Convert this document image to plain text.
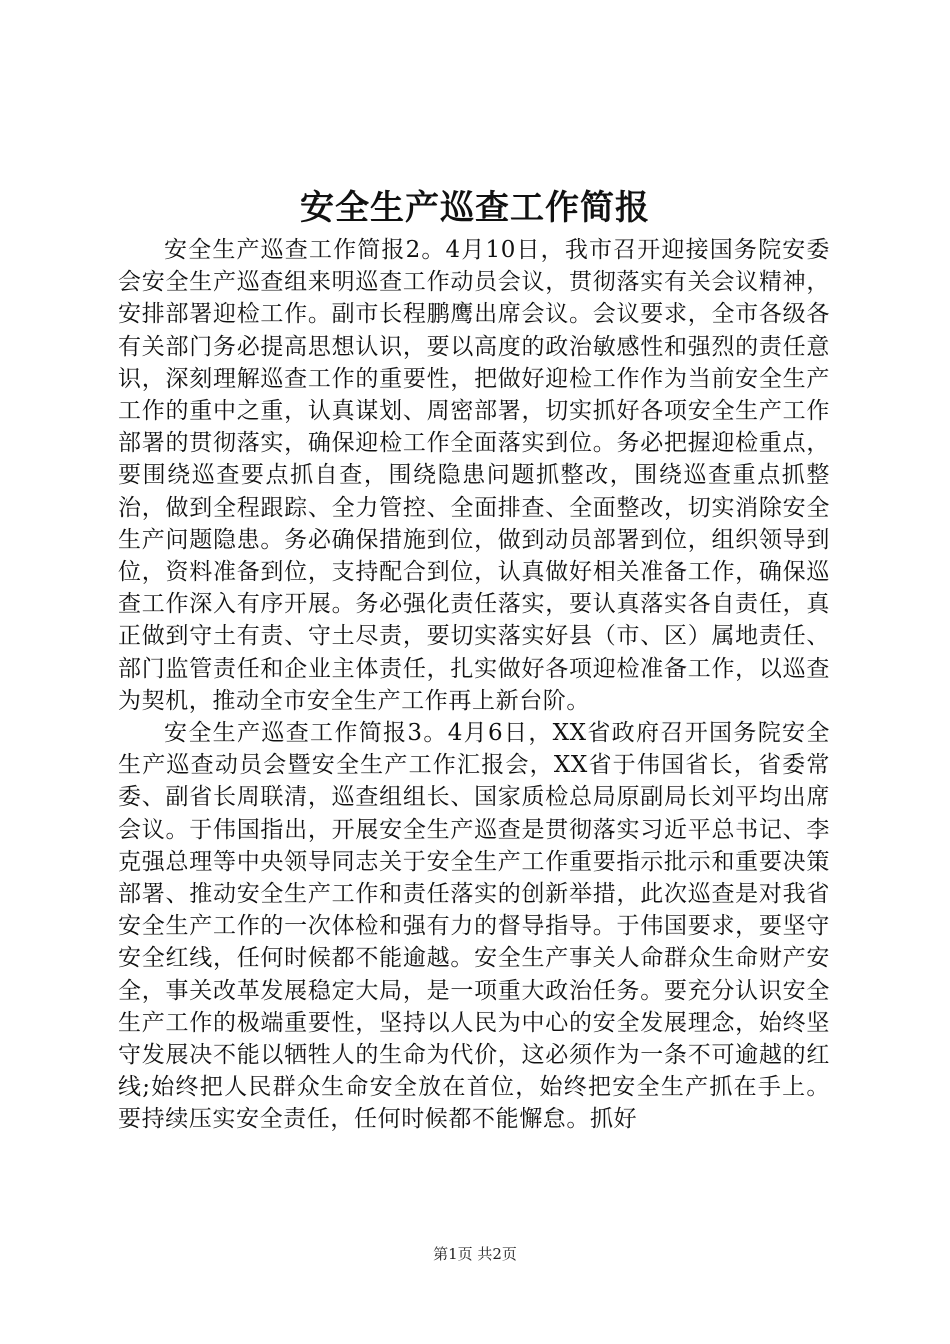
安全生产巡查工作简报

安全生产巡查工作简报2。4月10日，我市召开迎接国务院安委会安全生产巡查组来明巡查工作动员会议，贯彻落实有关会议精神，安排部署迎检工作。副市长程鹏鹰出席会议。会议要求，全市各级各有关部门务必提高思想认识，要以高度的政治敏感性和强烈的责任意识，深刻理解巡查工作的重要性，把做好迎检工作作为当前安全生产工作的重中之重，认真谋划、周密部署，切实抓好各项安全生产工作部署的贯彻落实，确保迎检工作全面落实到位。务必把握迎检重点，要围绕巡查要点抓自查，围绕隐患问题抓整改，围绕巡查重点抓整治，做到全程跟踪、全力管控、全面排查、全面整改，切实消除安全生产问题隐患。务必确保措施到位，做到动员部署到位，组织领导到位，资料准备到位，支持配合到位，认真做好相关准备工作，确保巡查工作深入有序开展。务必强化责任落实，要认真落实各自责任，真正做到守土有责、守土尽责，要切实落实好县（市、区）属地责任、部门监管责任和企业主体责任，扎实做好各项迎检准备工作，以巡查为契机，推动全市安全生产工作再上新台阶。

安全生产巡查工作简报3。4月6日，XX省政府召开国务院安全生产巡查动员会暨安全生产工作汇报会，XX省于伟国省长，省委常委、副省长周联清，巡查组组长、国家质检总局原副局长刘平均出席会议。于伟国指出，开展安全生产巡查是贯彻落实习近平总书记、李克强总理等中央领导同志关于安全生产工作重要指示批示和重要决策部署、推动安全生产工作和责任落实的创新举措，此次巡查是对我省安全生产工作的一次体检和强有力的督导指导。于伟国要求，要坚守安全红线，任何时候都不能逾越。安全生产事关人命群众生命财产安全，事关改革发展稳定大局，是一项重大政治任务。要充分认识安全生产工作的极端重要性，坚持以人民为中心的安全发展理念，始终坚守发展决不能以牺牲人的生命为代价，这必须作为一条不可逾越的红线;始终把人民群众生命安全放在首位，始终把安全生产抓在手上。要持续压实安全责任，任何时候都不能懈怠。抓好

第1页 共2页
